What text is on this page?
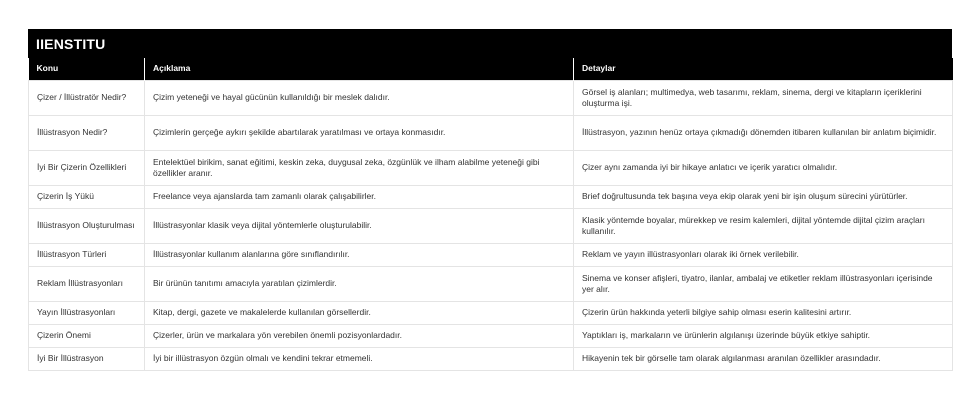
IIENSTITU
Konu	Açıklama	Detaylar
Çizer / İllüstratör Nedir?	Çizim yeteneği ve hayal gücünün kullanıldığı bir meslek dalıdır.	Görsel iş alanları; multimedya, web tasarımı, reklam, sinema, dergi ve kitapların içeriklerini oluşturma işi.
İllüstrasyon Nedir?	Çizimlerin gerçeğe aykırı şekilde abartılarak yaratılması ve ortaya konmasıdır.	İllüstrasyon, yazının henüz ortaya çıkmadığı dönemden itibaren kullanılan bir anlatım biçimidir.
İyi Bir Çizerin Özellikleri	Entelektüel birikim, sanat eğitimi, keskin zeka, duygusal zeka, özgünlük ve ilham alabilme yeteneği gibi özellikler aranır.	Çizer aynı zamanda iyi bir hikaye anlatıcı ve içerik yaratıcı olmalıdır.
Çizerin İş Yükü	Freelance veya ajanslarda tam zamanlı olarak çalışabilirler.	Brief doğrultusunda tek başına veya ekip olarak yeni bir işin oluşum sürecini yürütürler.
İllüstrasyon Oluşturulması	İllüstrasyonlar klasik veya dijital yöntemlerle oluşturulabilir.	Klasik yöntemde boyalar, mürekkep ve resim kalemleri, dijital yöntemde dijital çizim araçları kullanılır.
İllüstrasyon Türleri	İllüstrasyonlar kullanım alanlarına göre sınıflandırılır.	Reklam ve yayın illüstrasyonları olarak iki örnek verilebilir.
Reklam İllüstrasyonları	Bir ürünün tanıtımı amacıyla yaratılan çizimlerdir.	Sinema ve konser afişleri, tiyatro, ilanlar, ambalaj ve etiketler reklam illüstrasyonları içerisinde yer alır.
Yayın İllüstrasyonları	Kitap, dergi, gazete ve makalelerde kullanılan görsellerdir.	Çizerin ürün hakkında yeterli bilgiye sahip olması eserin kalitesini artırır.
Çizerin Önemi	Çizerler, ürün ve markalara yön verebilen önemli pozisyonlardadır.	Yaptıkları iş, markaların ve ürünlerin algılanışı üzerinde büyük etkiye sahiptir.
İyi Bir İllüstrasyon	İyi bir illüstrasyon özgün olmalı ve kendini tekrar etmemeli.	Hikayenin tek bir görselle tam olarak algılanması aranılan özellikler arasındadır.
